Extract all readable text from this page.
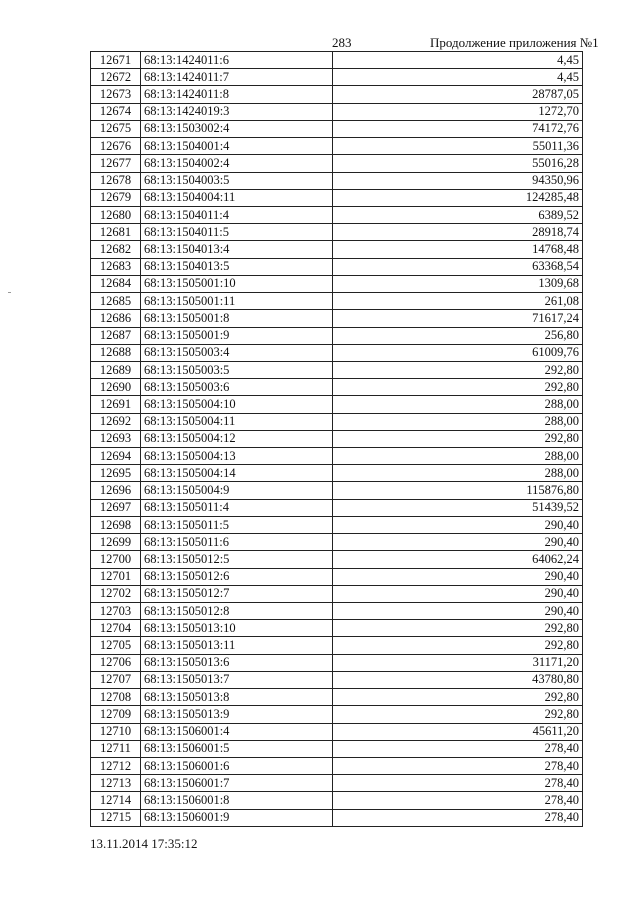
283	Продолжение приложения №1
12671	68:13:1424011:6	4,45
12672	68:13:1424011:7	4,45
12673	68:13:1424011:8	28787,05
12674	68:13:1424019:3	1272,70
12675	68:13:1503002:4	74172,76
12676	68:13:1504001:4	55011,36
12677	68:13:1504002:4	55016,28
12678	68:13:1504003:5	94350,96
12679	68:13:1504004:11	124285,48
12680	68:13:1504011:4	6389,52
12681	68:13:1504011:5	28918,74
12682	68:13:1504013:4	14768,48
12683	68:13:1504013:5	63368,54
12684	68:13:1505001:10	1309,68
12685	68:13:1505001:11	261,08
12686	68:13:1505001:8	71617,24
12687	68:13:1505001:9	256,80
12688	68:13:1505003:4	61009,76
12689	68:13:1505003:5	292,80
12690	68:13:1505003:6	292,80
12691	68:13:1505004:10	288,00
12692	68:13:1505004:11	288,00
12693	68:13:1505004:12	292,80
12694	68:13:1505004:13	288,00
12695	68:13:1505004:14	288,00
12696	68:13:1505004:9	115876,80
12697	68:13:1505011:4	51439,52
12698	68:13:1505011:5	290,40
12699	68:13:1505011:6	290,40
12700	68:13:1505012:5	64062,24
12701	68:13:1505012:6	290,40
12702	68:13:1505012:7	290,40
12703	68:13:1505012:8	290,40
12704	68:13:1505013:10	292,80
12705	68:13:1505013:11	292,80
12706	68:13:1505013:6	31171,20
12707	68:13:1505013:7	43780,80
12708	68:13:1505013:8	292,80
12709	68:13:1505013:9	292,80
12710	68:13:1506001:4	45611,20
12711	68:13:1506001:5	278,40
12712	68:13:1506001:6	278,40
12713	68:13:1506001:7	278,40
12714	68:13:1506001:8	278,40
12715	68:13:1506001:9	278,40
13.11.2014 17:35:12
